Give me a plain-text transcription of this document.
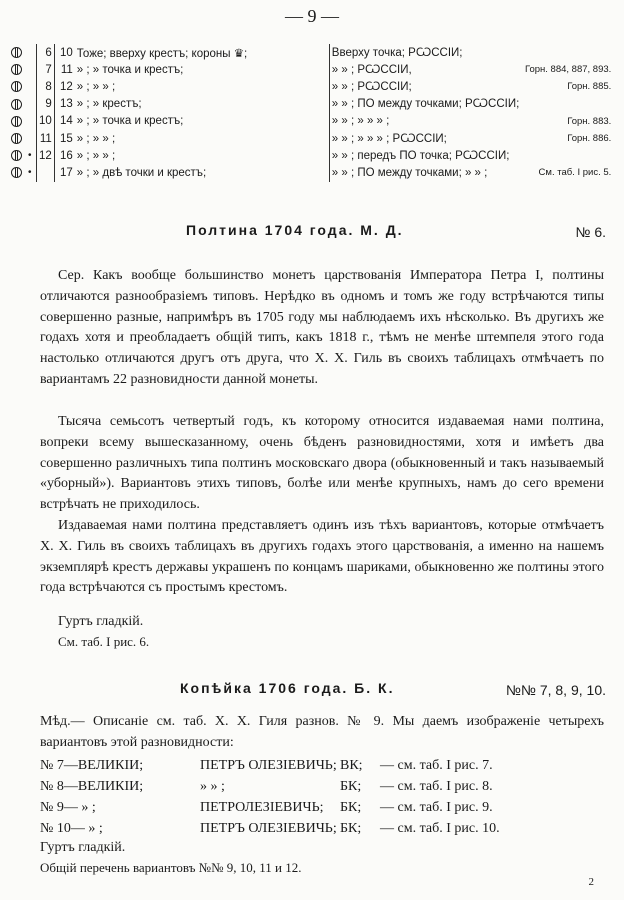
— 9 —
		6	10	Тоже; вверху крестъ; короны ♛;	Вверху точка; РѠССІИ;	
		7	11	» ; » точка и крестъ;	» » ; РѠССІИ,	Горн. 884, 887, 893.
		8	12	» ; » » ;	» » ; РѠССІИ;	Горн. 885.
		9	13	» ; » крестъ;	» » ; ПО между точками; РѠССІИ;	
		10	14	» ; » точка и крестъ;	» » ; » » » ;	Горн. 883.
		11	15	» ; » » ;	» » ; » » » ; РѠССІИ;	Горн. 886.
	•	12	16	» ; » » ;	» » ; передъ ПО точка; РѠССІИ;	
	•		17	» ; » двѣ точки и крестъ;	» » ; ПО между точками; » » ;	См. таб. I рис. 5.
Полтина 1704 года. М. Д.	№ 6.
Сер. Какъ вообще большинство монетъ царствованія Императора Петра I, полтины отличаются разнообразіемъ типовъ. Нерѣдко въ одномъ и томъ же году встрѣчаются типы совершенно разные, напримѣръ въ 1705 году мы наблюдаемъ ихъ нѣсколько. Въ другихъ же годахъ хотя и преобладаетъ общій типъ, какъ 1818 г., тѣмъ не менѣе штемпеля этого года настолько отличаются другъ отъ друга, что Х. Х. Гиль въ своихъ таблицахъ отмѣчаетъ по вариантамъ 22 разновидности данной монеты.
Тысяча семьсотъ четвертый годъ, къ которому относится издаваемая нами полтина, вопреки всему вышесказанному, очень бѣденъ разновидностями, хотя и имѣетъ два совершенно различныхъ типа полтинъ московскаго двора (обыкновенный и такъ называемый «уборный»). Вариантовъ этихъ типовъ, болѣе или менѣе крупныхъ, намъ до сего времени встрѣчать не приходилось.
Издаваемая нами полтина представляетъ одинъ изъ тѣхъ вариантовъ, которые отмѣчаетъ Х. Х. Гиль въ своихъ таблицахъ въ другихъ годахъ этого царствованія, а именно на нашемъ экземплярѣ крестъ державы украшенъ по концамъ шариками, обыкновенно же полтины этого года встрѣчаются съ простымъ крестомъ.
Гуртъ гладкій.
См. таб. I рис. 6.
Копѣйка 1706 года. Б. К.	№№ 7, 8, 9, 10.
Мѣд.— Описаніе см. таб. Х. Х. Гиля разнов. № 9. Мы даемъ изображеніе четырехъ вариантовъ этой разновидности:
№ 7—ВЕЛИКІИ;	ПЕТРЪ ОЛЕЗІЕВИЧЬ; ВК; — см. таб. I рис. 7.
№ 8—ВЕЛИКІИ;	» » ;	БК; — см. таб. I рис. 8.
№ 9— » ;	ПЕТРОЛЕЗІЕВИЧЬ; БК; — см. таб. I рис. 9.
№ 10— » ;	ПЕТРЪ ОЛЕЗІЕВИЧЬ; БК; — см. таб. I рис. 10.
Гуртъ гладкій.
Общій перечень вариантовъ №№ 9, 10, 11 и 12.
2
